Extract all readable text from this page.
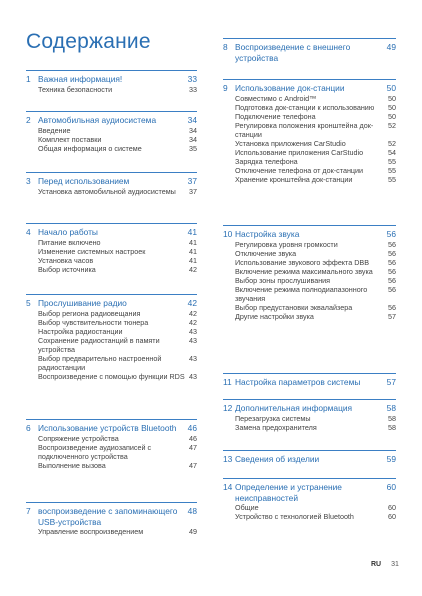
Содержание
1 Важная информация!	33
Техника безопасности	33
2 Автомобильная аудиосистема	34
Введение	34
Комплект поставки	34
Общая информация о системе	35
3 Перед использованием	37
Установка автомобильной аудиосистемы	37
4 Начало работы	41
Питание включено	41
Изменение системных настроек	41
Установка часов	41
Выбор источника	42
5 Прослушивание радио	42
Выбор региона радиовещания	42
Выбор чувствительности тюнера	42
Настройка радиостанции	43
Сохранение радиостанций в памяти устройства
43
Выбор предварительно настроенной радиостанции
43
Воспроизведение с помощью функции RDS 43
6 Использование устройств Bluetooth	46
Сопряжение устройства	46
Воспроизведение аудиозаписей с подключенного устройства
47
Выполнение вызова	47
7 воспроизведение с запоминающего USB-устройства
48
Управление воспроизведением	49
8 Воспроизведение с внешнего устройства
49
9 Использование док-станции	50
Совместимо с Android™	50
Подготовка док-станции к использованию	50
Подключение телефона	50
Регулировка положения кронштейна док-станции
52
Установка приложения CarStudio	52
Использование приложения CarStudio	54
Зарядка телефона	55
Отключение телефона от док-станции	55
Хранение кронштейна док-станции	55
10 Настройка звука	56
Регулировка уровня громкости	56
Отключение звука	56
Использование звукового эффекта DBB	56
Включение режима максимального звука	56
Выбор зоны прослушивания	56
Включение режима полнодиапазонного звучания
56
Выбор предустановки эквалайзера	56
Другие настройки звука	57
11 Настройка параметров системы	57
12 Дополнительная информация	58
Перезагрузка системы	58
Замена предохранителя	58
13 Сведения об изделии	59
14 Определение и устранение неисправностей
60
Общие	60
Устройство с технологией Bluetooth	60
RU 31
